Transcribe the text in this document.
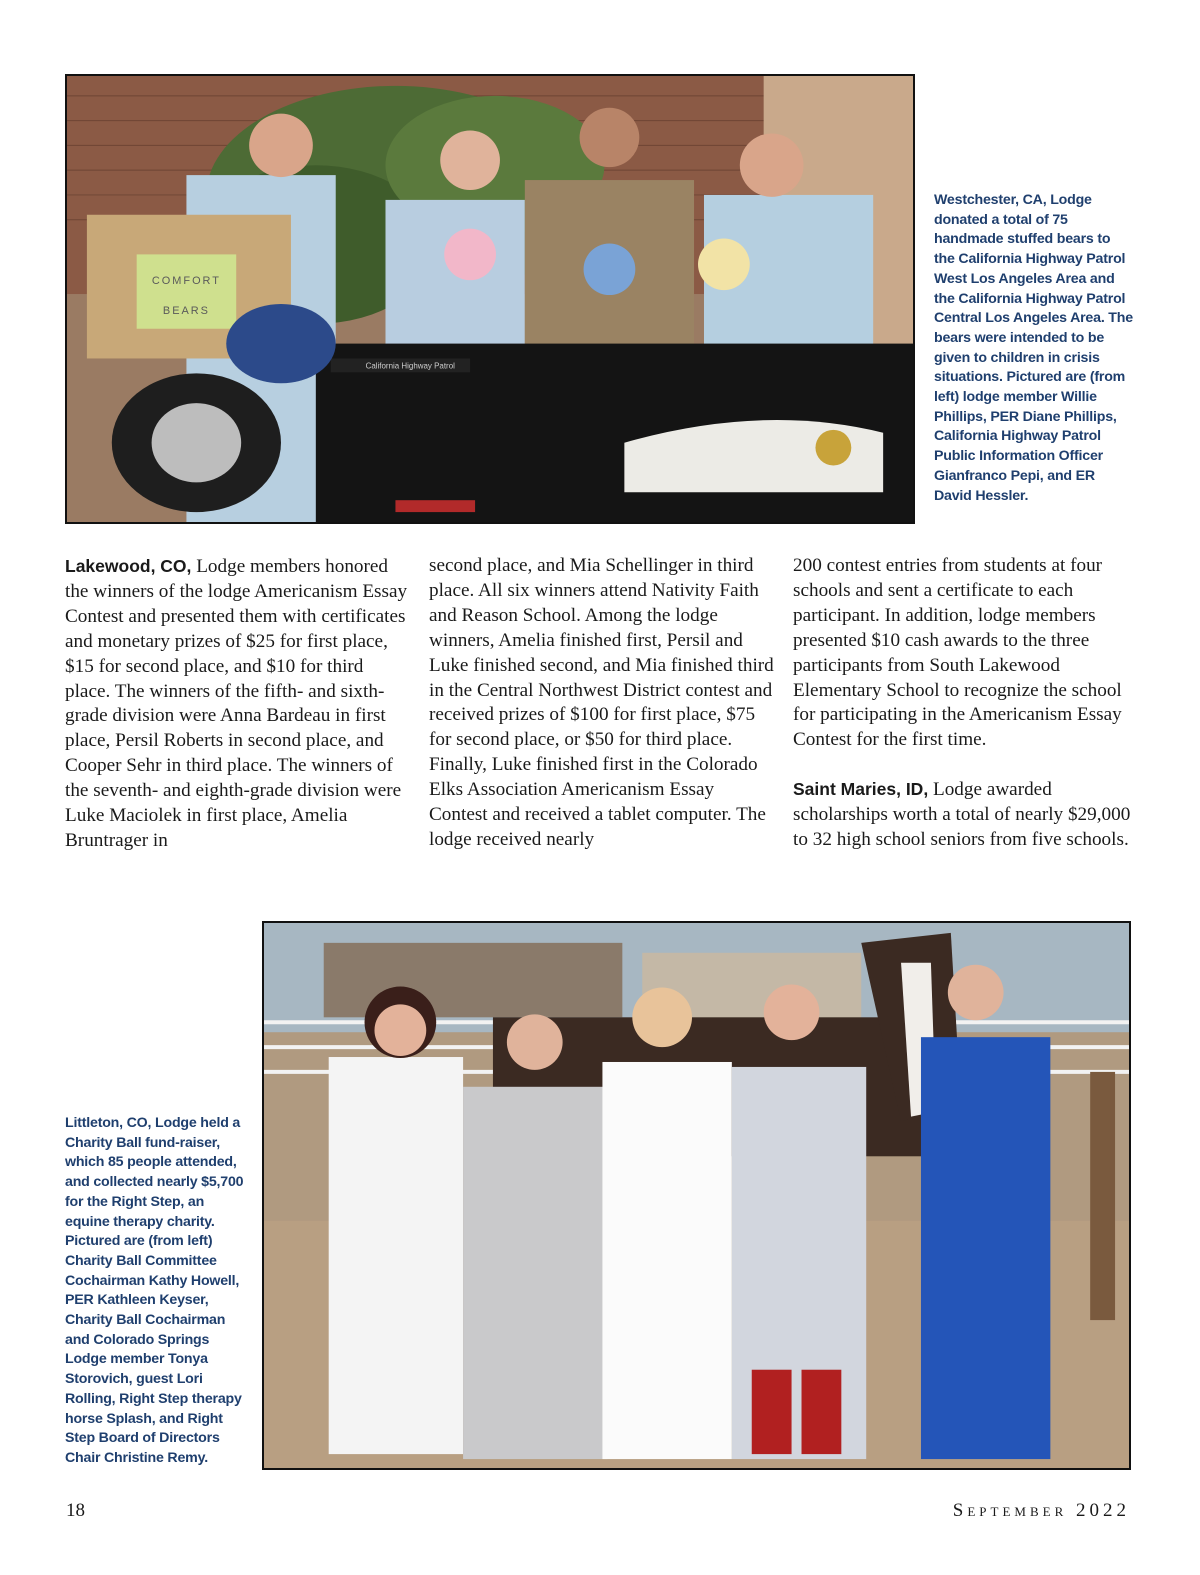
COMFORT
BEARS
California Highway Patrol
Westchester, CA, Lodge donated a total of 75 handmade stuffed bears to the California Highway Patrol West Los Angeles Area and the California Highway Patrol Central Los Angeles Area. The bears were intended to be given to children in crisis situations. Pictured are (from left) lodge member Willie Phillips, PER Diane Phillips, California Highway Patrol Public Information Officer Gianfranco Pepi, and ER David Hessler.

Lakewood, CO, Lodge members honored the winners of the lodge Americanism Essay Contest and presented them with certificates and monetary prizes of $25 for first place, $15 for second place, and $10 for third place. The winners of the fifth- and sixth-grade division were Anna Bardeau in first place, Persil Roberts in second place, and Cooper Sehr in third place. The winners of the seventh- and eighth-grade division were Luke Maciolek in first place, Amelia Bruntrager in

second place, and Mia Schellinger in third place. All six winners attend Nativity Faith and Reason School. Among the lodge winners, Amelia finished first, Persil and Luke finished second, and Mia finished third in the Central Northwest District contest and received prizes of $100 for first place, $75 for second place, or $50 for third place. Finally, Luke finished first in the Colorado Elks Association Americanism Essay Contest and received a tablet computer. The lodge received nearly

200 contest entries from students at four schools and sent a certificate to each participant. In addition, lodge members presented $10 cash awards to the three participants from South Lakewood Elementary School to recognize the school for participating in the Americanism Essay Contest for the first time.

Saint Maries, ID, Lodge awarded scholarships worth a total of nearly $29,000 to 32 high school seniors from five schools.

Littleton, CO, Lodge held a Charity Ball fund-raiser, which 85 people attended, and collected nearly $5,700 for the Right Step, an equine therapy charity. Pictured are (from left) Charity Ball Committee Cochairman Kathy Howell, PER Kathleen Keyser, Charity Ball Cochairman and Colorado Springs Lodge member Tonya Storovich, guest Lori Rolling, Right Step therapy horse Splash, and Right Step Board of Directors Chair Christine Remy.
18	September 2022
